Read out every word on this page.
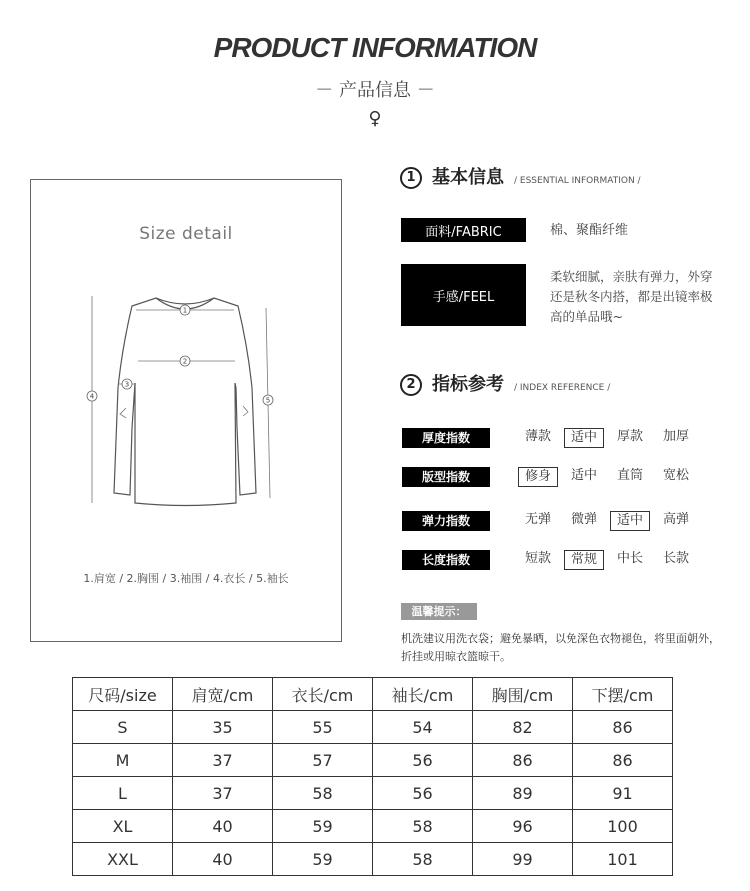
PRODUCT INFORMATION
－ 产品信息 －
♀
Size detail
1
2
3
4	5
1.肩宽 / 2.胸围 / 3.袖围 / 4.衣长 / 5.袖长
1 基本信息 / ESSENTIAL INFORMATION /
面料/FABRIC	棉、聚酯纤维
手感/FEEL
柔软细腻，亲肤有弹力，外穿还是秋冬内搭，都是出镜率极高的单品哦~
2 指标参考 / INDEX REFERENCE /
厚度指数	薄款	适中	厚款	加厚
版型指数	修身	适中	直筒	宽松
弹力指数	无弹	微弹	适中	高弹
长度指数	短款	常规	中长	长款
温馨提示：
机洗建议用洗衣袋；避免暴晒，以免深色衣物褪色，将里面朝外，折挂或用晾衣篮晾干。
尺码/size	肩宽/cm	衣长/cm	袖长/cm	胸围/cm	下摆/cm
S	35	55	54	82	86
M	37	57	56	86	86
L	37	58	56	89	91
XL	40	59	58	96	100
XXL	40	59	58	99	101
